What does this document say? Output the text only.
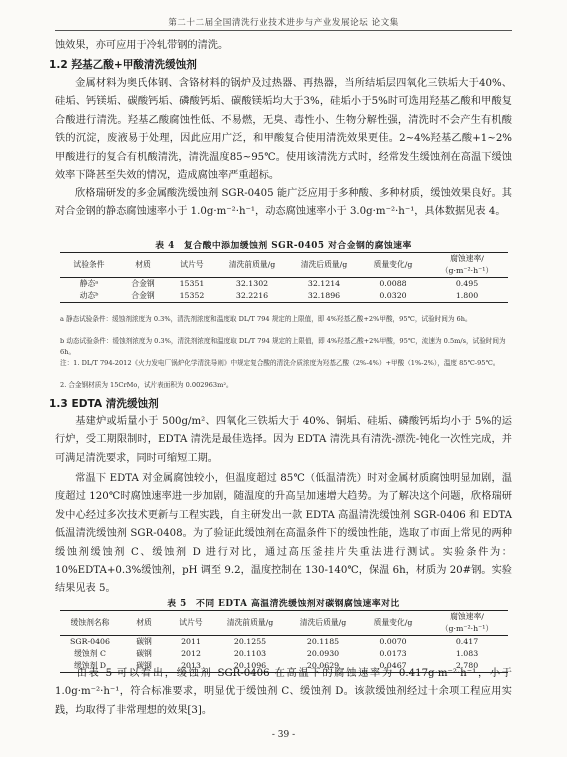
第二十二届全国清洗行业技术进步与产业发展论坛 论文集
蚀效果，亦可应用于冷轧带钢的清洗。
1.2 羟基乙酸+甲酸清洗缓蚀剂
金属材料为奥氏体钢、含铬材料的锅炉及过热器、再热器，当所结垢层四氧化三铁垢大于40%、硅垢、钙镁垢、碳酸钙垢、磷酸钙垢、碳酸镁垢均大于3%，硅垢小于5%时可选用羟基乙酸和甲酸复合酸进行清洗。羟基乙酸腐蚀性低、不易燃，无臭、毒性小、生物分解性强，清洗时不会产生有机酸铁的沉淀，废液易于处理，因此应用广泛，和甲酸复合使用清洗效果更佳。2~4%羟基乙酸+1~2%甲酸进行的复合有机酸清洗，清洗温度85~95℃。使用该清洗方式时，经常发生缓蚀剂在高温下缓蚀效率下降甚至失效的情况，造成腐蚀率严重超标。
欣格瑞研发的多金属酸洗缓蚀剂 SGR-0405 能广泛应用于多种酸、多种材质，缓蚀效果良好。其对合金钢的静态腐蚀速率小于 1.0g·m⁻²·h⁻¹，动态腐蚀速率小于 3.0g·m⁻²·h⁻¹，具体数据见表 4。
表 4　复合酸中添加缓蚀剂 SGR-0405 对合金钢的腐蚀速率
试验条件	材质	试片号	清洗前质量/g	清洗后质量/g	质量变化/g	腐蚀速率/（g·m⁻²·h⁻¹）
静态ᵃ	合金钢	15351	32.1302	32.1214	0.0088	0.495
动态ᵇ	合金钢	15352	32.2216	32.1896	0.0320	1.800
a 静态试验条件：缓蚀剂浓度为 0.3%，清洗剂浓度和温度取 DL/T 794 规定的上限值，即 4%羟基乙酸+2%甲酸，95℃，试验时间为 6h。
b 动态试验条件：缓蚀剂浓度为 0.3%，清洗剂浓度和温度取 DL/T 794 规定的上限值，即 4%羟基乙酸+2%甲酸，95℃，流速为 0.5m/s，试验时间为 6h。
注：1. DL/T 794-2012《火力发电厂锅炉化学清洗导则》中规定复合酸的清洗介质浓度为羟基乙酸（2%-4%）+甲酸（1%-2%），温度 85℃-95℃。
2. 合金钢材质为 15CrMo，试片表面积为 0.002963m²。
1.3 EDTA 清洗缓蚀剂
基建炉或垢量小于 500g/m²、四氧化三铁垢大于 40%、铜垢、硅垢、磷酸钙垢均小于 5%的运行炉，受工期限制时，EDTA 清洗是最佳选择。因为 EDTA 清洗具有清洗-漂洗-钝化一次性完成，并可满足清洗要求，同时可缩短工期。
常温下 EDTA 对金属腐蚀较小，但温度超过 85℃（低温清洗）时对金属材质腐蚀明显加剧，温度超过 120℃时腐蚀速率进一步加剧，随温度的升高呈加速增大趋势。为了解决这个问题，欣格瑞研发中心经过多次技术更新与工程实践，自主研发出一款 EDTA 高温清洗缓蚀剂 SGR-0406 和 EDTA 低温清洗缓蚀剂 SGR-0408。为了验证此缓蚀剂在高温条件下的缓蚀性能，选取了市面上常见的两种缓蚀剂缓蚀剂 C、缓蚀剂 D 进行对比，通过高压釜挂片失重法进行测试。实验条件为：10%EDTA+0.3%缓蚀剂，pH 调至 9.2，温度控制在 130-140℃，保温 6h，材质为 20#钢。实验结果见表 5。
表 5　不同 EDTA 高温清洗缓蚀剂对碳钢腐蚀速率对比
缓蚀剂名称	材质	试片号	清洗前质量/g	清洗后质量/g	质量变化/g	腐蚀速率/（g·m⁻²·h⁻¹）
SGR-0406	碳钢	2011	20.1255	20.1185	0.0070	0.417
缓蚀剂 C	碳钢	2012	20.1103	20.0930	0.0173	1.083
缓蚀剂 D	碳钢	2013	20.1096	20.0629	0.0467	2.780
由表 5 可以看出，缓蚀剂 SGR-0406 在高温下的腐蚀速率为 0.417g·m⁻²·h⁻¹，小于 1.0g·m⁻²·h⁻¹，符合标准要求，明显优于缓蚀剂 C、缓蚀剂 D。该款缓蚀剂经过十余项工程应用实践，均取得了非常理想的效果[3]。
- 39 -
